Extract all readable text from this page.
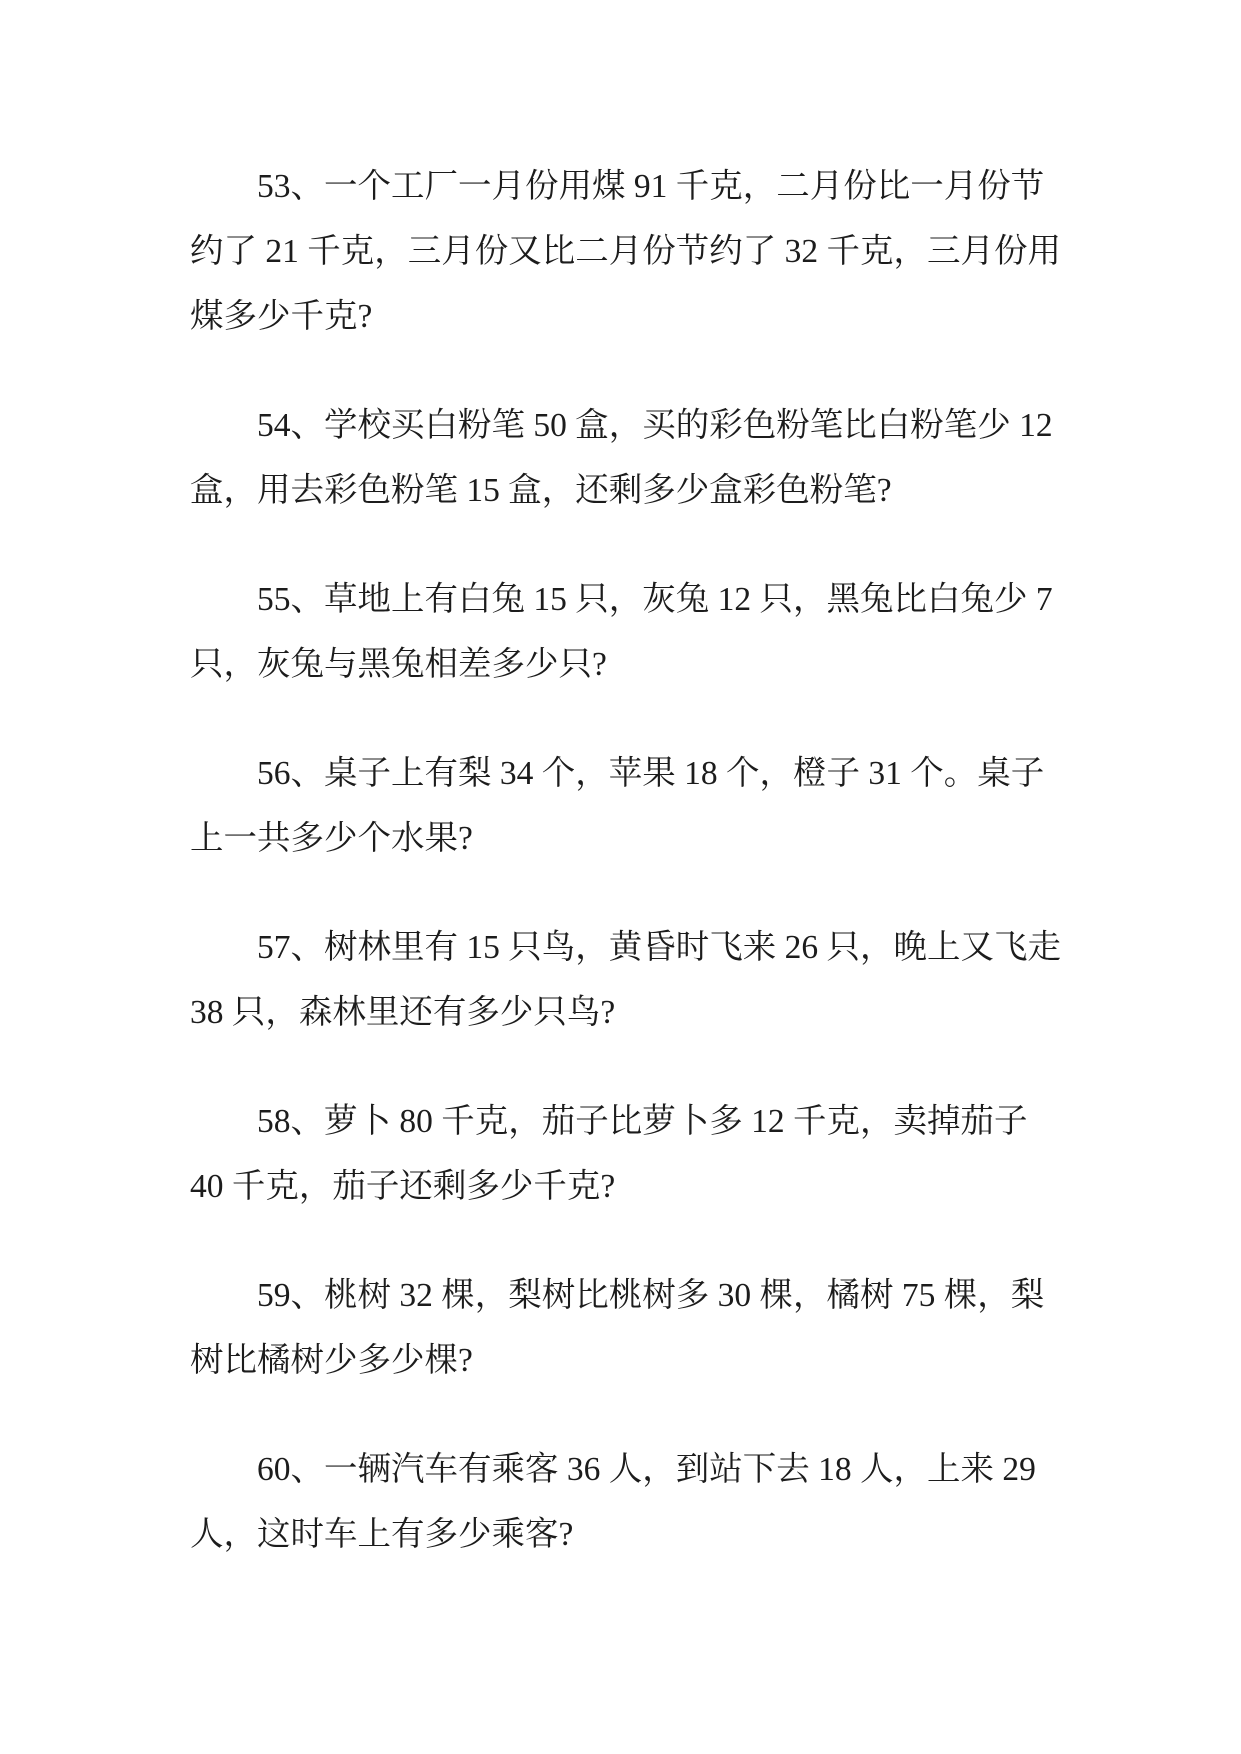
53、一个工厂一月份用煤 91 千克，二月份比一月份节
约了 21 千克，三月份又比二月份节约了 32 千克，三月份用
煤多少千克?
54、学校买白粉笔 50 盒，买的彩色粉笔比白粉笔少 12
盒，用去彩色粉笔 15 盒，还剩多少盒彩色粉笔?
55、草地上有白兔 15 只，灰兔 12 只，黑兔比白兔少 7
只，灰兔与黑兔相差多少只?
56、桌子上有梨 34 个，苹果 18 个，橙子 31 个。桌子
上一共多少个水果?
57、树林里有 15 只鸟，黄昏时飞来 26 只，晚上又飞走
38 只，森林里还有多少只鸟?
58、萝卜 80 千克，茄子比萝卜多 12 千克，卖掉茄子
40 千克，茄子还剩多少千克?
59、桃树 32 棵，梨树比桃树多 30 棵，橘树 75 棵，梨
树比橘树少多少棵?
60、一辆汽车有乘客 36 人，到站下去 18 人，上来 29
人，这时车上有多少乘客?
